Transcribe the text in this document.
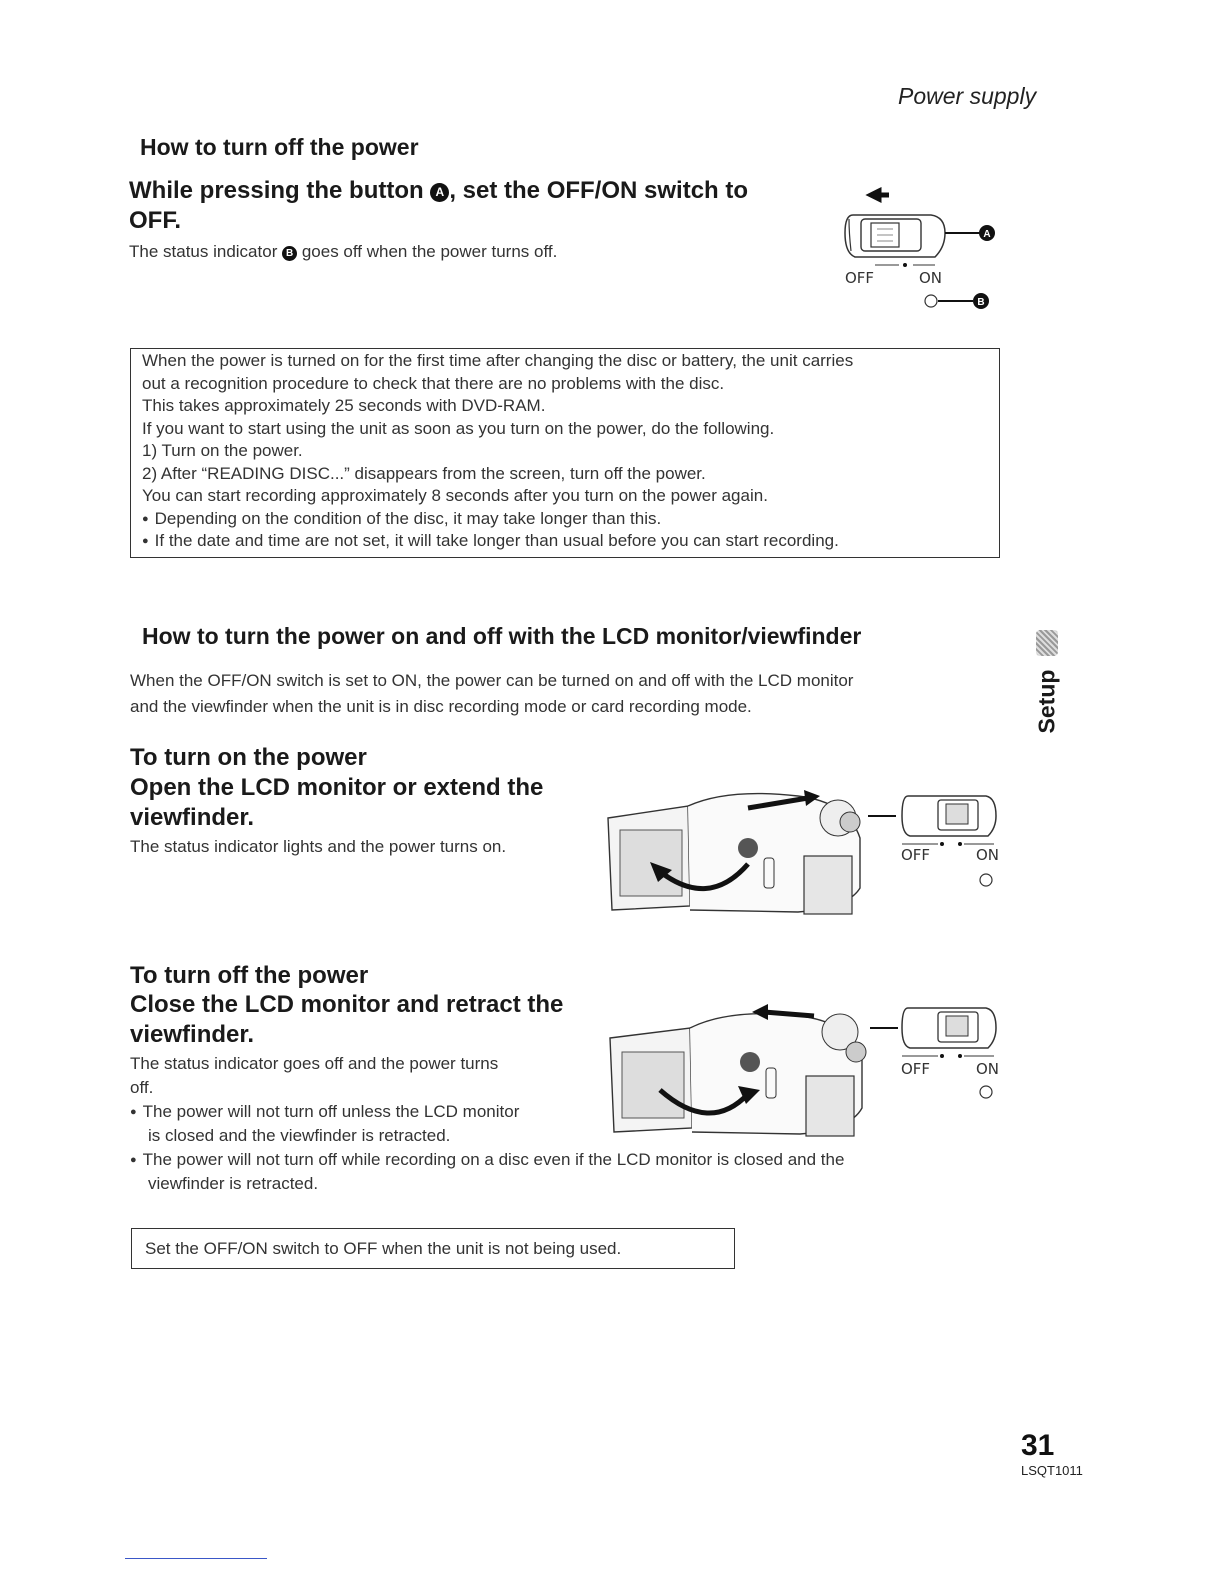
Power supply
How to turn off the power
While pressing the button A , set the OFF/ON switch to
OFF.
The status indicator B goes off when the power turns off.
A
B
OFF	ON
When the power is turned on for the first time after changing the disc or battery, the unit carries
out a recognition procedure to check that there are no problems with the disc.
This takes approximately 25 seconds with DVD-RAM.
If you want to start using the unit as soon as you turn on the power, do the following.
1) Turn on the power.
2) After “READING DISC...” disappears from the screen, turn off the power.
You can start recording approximately 8 seconds after you turn on the power again.
● Depending on the condition of the disc, it may take longer than this.
● If the date and time are not set, it will take longer than usual before you can start recording.
How to turn the power on and off with the LCD monitor/viewfinder
When the OFF/ON switch is set to ON, the power can be turned on and off with the LCD monitor
and the viewfinder when the unit is in disc recording mode or card recording mode.	Setup
To turn on the power
Open the LCD monitor or extend the
viewfinder.
The status indicator lights and the power turns on.	OFF	ON
To turn off the power
Close the LCD monitor and retract the
viewfinder.
The status indicator goes off and the power turns
off.
● The power will not turn off unless the LCD monitor
is closed and the viewfinder is retracted.
● The power will not turn off while recording on a disc even if the LCD monitor is closed and the
viewfinder is retracted.
OFF	ON
Set the OFF/ON switch to OFF when the unit is not being used.
31
LSQT1011
